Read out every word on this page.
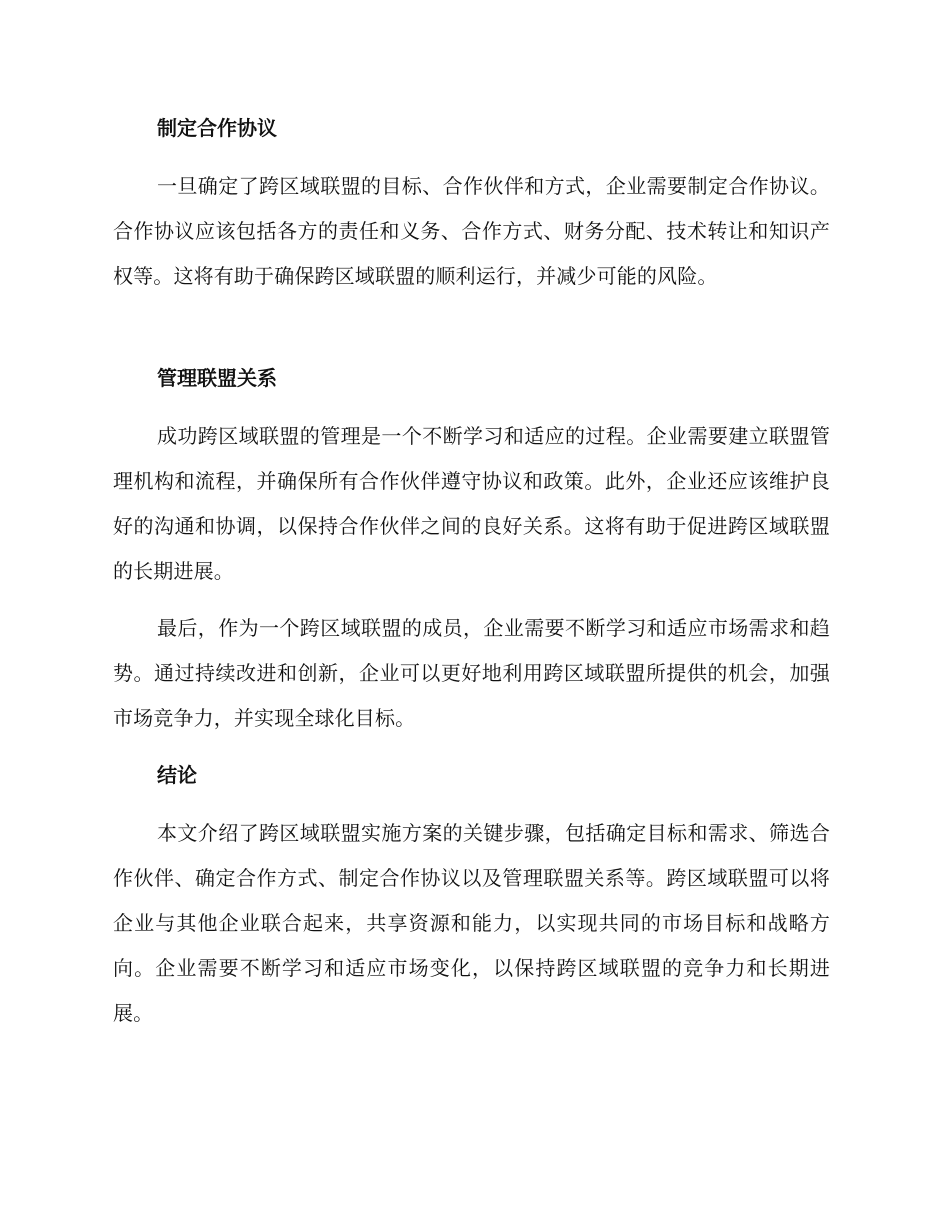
制定合作协议
一旦确定了跨区域联盟的目标、合作伙伴和方式，企业需要制定合作协议。合作协议应该包括各方的责任和义务、合作方式、财务分配、技术转让和知识产权等。这将有助于确保跨区域联盟的顺利运行，并减少可能的风险。
管理联盟关系
成功跨区域联盟的管理是一个不断学习和适应的过程。企业需要建立联盟管理机构和流程，并确保所有合作伙伴遵守协议和政策。此外，企业还应该维护良好的沟通和协调，以保持合作伙伴之间的良好关系。这将有助于促进跨区域联盟的长期进展。
最后，作为一个跨区域联盟的成员，企业需要不断学习和适应市场需求和趋势。通过持续改进和创新，企业可以更好地利用跨区域联盟所提供的机会，加强市场竞争力，并实现全球化目标。
结论
本文介绍了跨区域联盟实施方案的关键步骤，包括确定目标和需求、筛选合作伙伴、确定合作方式、制定合作协议以及管理联盟关系等。跨区域联盟可以将企业与其他企业联合起来，共享资源和能力，以实现共同的市场目标和战略方向。企业需要不断学习和适应市场变化，以保持跨区域联盟的竞争力和长期进展。
